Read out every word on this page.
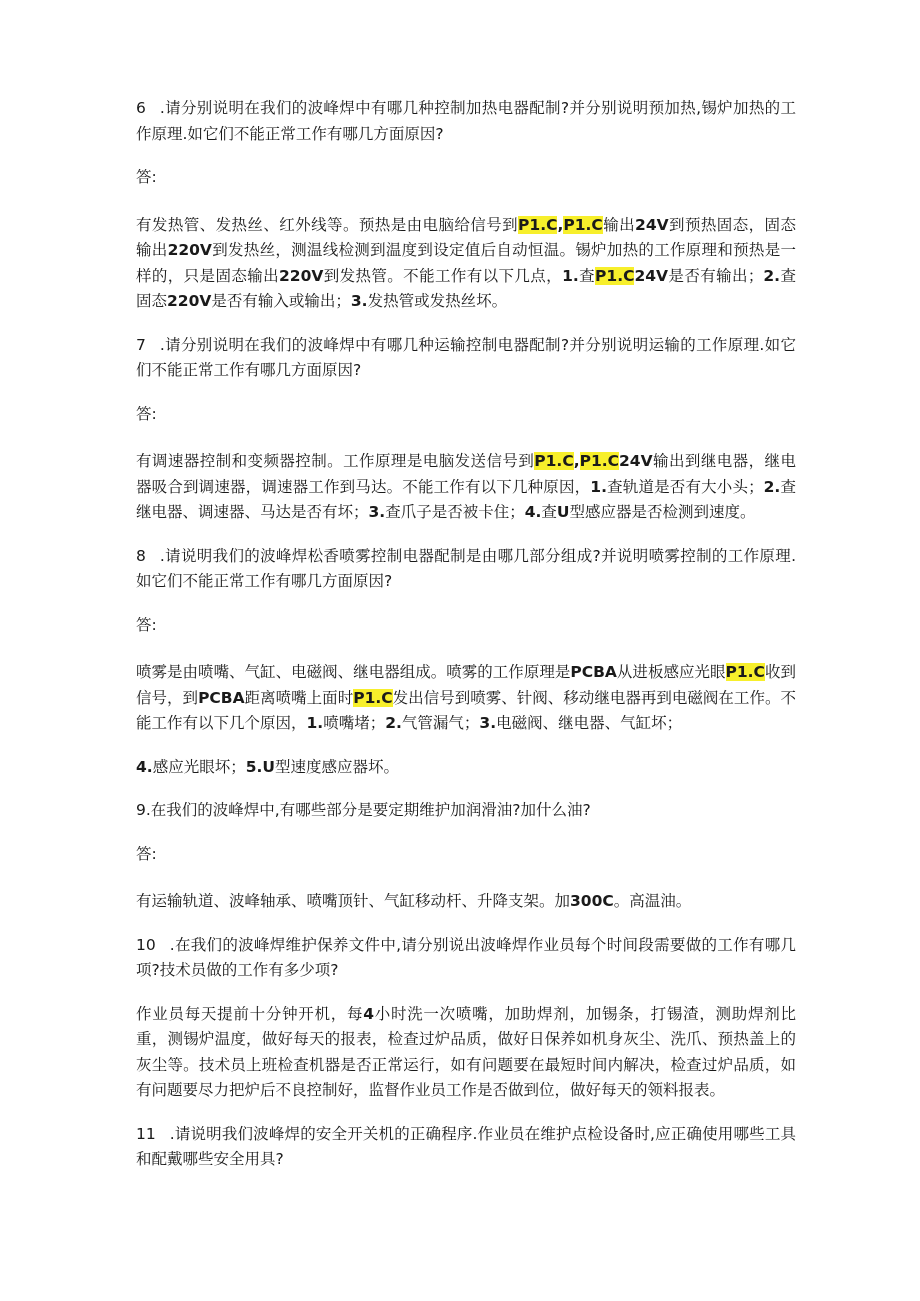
6 .请分别说明在我们的波峰焊中有哪几种控制加热电器配制?并分别说明预加热,锡炉加热的工作原理.如它们不能正常工作有哪几方面原因?

答:

有发热管、发热丝、红外线等。预热是由电脑给信号到P1.C,P1.C输出24V到预热固态，固态输出220V到发热丝，测温线检测到温度到设定值后自动恒温。锡炉加热的工作原理和预热是一样的，只是固态输出220V到发热管。不能工作有以下几点，1.查P1.C24V是否有输出；2.查固态220V是否有输入或输出；3.发热管或发热丝坏。

7 .请分别说明在我们的波峰焊中有哪几种运输控制电器配制?并分别说明运输的工作原理.如它们不能正常工作有哪几方面原因?

答:

有调速器控制和变频器控制。工作原理是电脑发送信号到P1.C,P1.C24V输出到继电器，继电器吸合到调速器，调速器工作到马达。不能工作有以下几种原因，1.查轨道是否有大小头；2.查继电器、调速器、马达是否有坏；3.查爪子是否被卡住；4.查U型感应器是否检测到速度。

8 .请说明我们的波峰焊松香喷雾控制电器配制是由哪几部分组成?并说明喷雾控制的工作原理.如它们不能正常工作有哪几方面原因?

答:

喷雾是由喷嘴、气缸、电磁阀、继电器组成。喷雾的工作原理是PCBA从进板感应光眼P1.C收到信号，到PCBA距离喷嘴上面时P1.C发出信号到喷雾、针阀、移动继电器再到电磁阀在工作。不能工作有以下几个原因，1.喷嘴堵；2.气管漏气；3.电磁阀、继电器、气缸坏；

4.感应光眼坏；5.U型速度感应器坏。

9.在我们的波峰焊中,有哪些部分是要定期维护加润滑油?加什么油?

答:

有运输轨道、波峰轴承、喷嘴顶针、气缸移动杆、升降支架。加300C。高温油。

10 .在我们的波峰焊维护保养文件中,请分别说出波峰焊作业员每个时间段需要做的工作有哪几项?技术员做的工作有多少项?

作业员每天提前十分钟开机，每4小时洗一次喷嘴，加助焊剂，加锡条，打锡渣，测助焊剂比重，测锡炉温度，做好每天的报表，检查过炉品质，做好日保养如机身灰尘、洗爪、预热盖上的灰尘等。技术员上班检查机器是否正常运行，如有问题要在最短时间内解决，检查过炉品质，如有问题要尽力把炉后不良控制好，监督作业员工作是否做到位，做好每天的领料报表。

11 .请说明我们波峰焊的安全开关机的正确程序.作业员在维护点检设备时,应正确使用哪些工具和配戴哪些安全用具?
